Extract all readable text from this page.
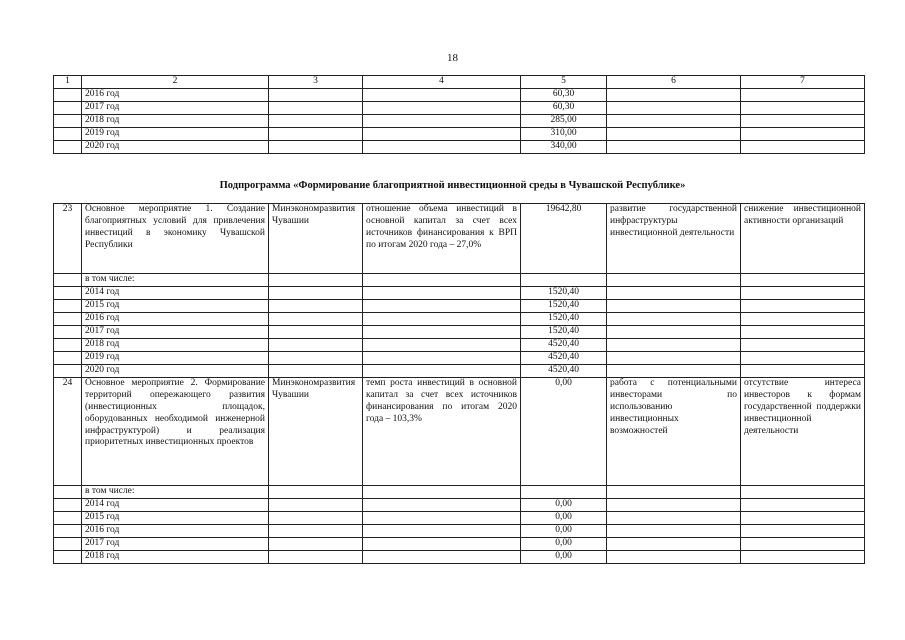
18
1	2	3	4	5	6	7
	2016 год			60,30		
	2017 год			60,30		
	2018 год			285,00		
	2019 год			310,00		
	2020 год			340,00		
Подпрограмма «Формирование благоприятной инвестиционной среды в Чувашской Республике»
23	Основное мероприятие 1. Создание благоприятных условий для привлечения инвестиций в экономику Чувашской Республики	Минэкономразвития Чувашии	отношение объема инвестиций в основной капитал за счет всех источников финансирования к ВРП по итогам 2020 года – 27,0%	19642,80	развитие государственной инфраструктуры инвестиционной деятельности	снижение инвестиционной активности организаций
	в том числе:					
	2014 год			1520,40		
	2015 год			1520,40		
	2016 год			1520,40		
	2017 год			1520,40		
	2018 год			4520,40		
	2019 год			4520,40		
	2020 год			4520,40		
24	Основное мероприятие 2. Формирование территорий опережающего развития (инвестиционных площадок, оборудованных необходимой инженерной инфраструктурой) и реализация приоритетных инвестиционных проектов	Минэкономразвития Чувашии	темп роста инвестиций в основной капитал за счет всех источников финансирования по итогам 2020 года – 103,3%	0,00	работа с потенциальными инвесторами по использованию инвестиционных возможностей	отсутствие интереса инвесторов к формам государственной поддержки инвестиционной деятельности
	в том числе:					
	2014 год			0,00		
	2015 год			0,00		
	2016 год			0,00		
	2017 год			0,00		
	2018 год			0,00		
